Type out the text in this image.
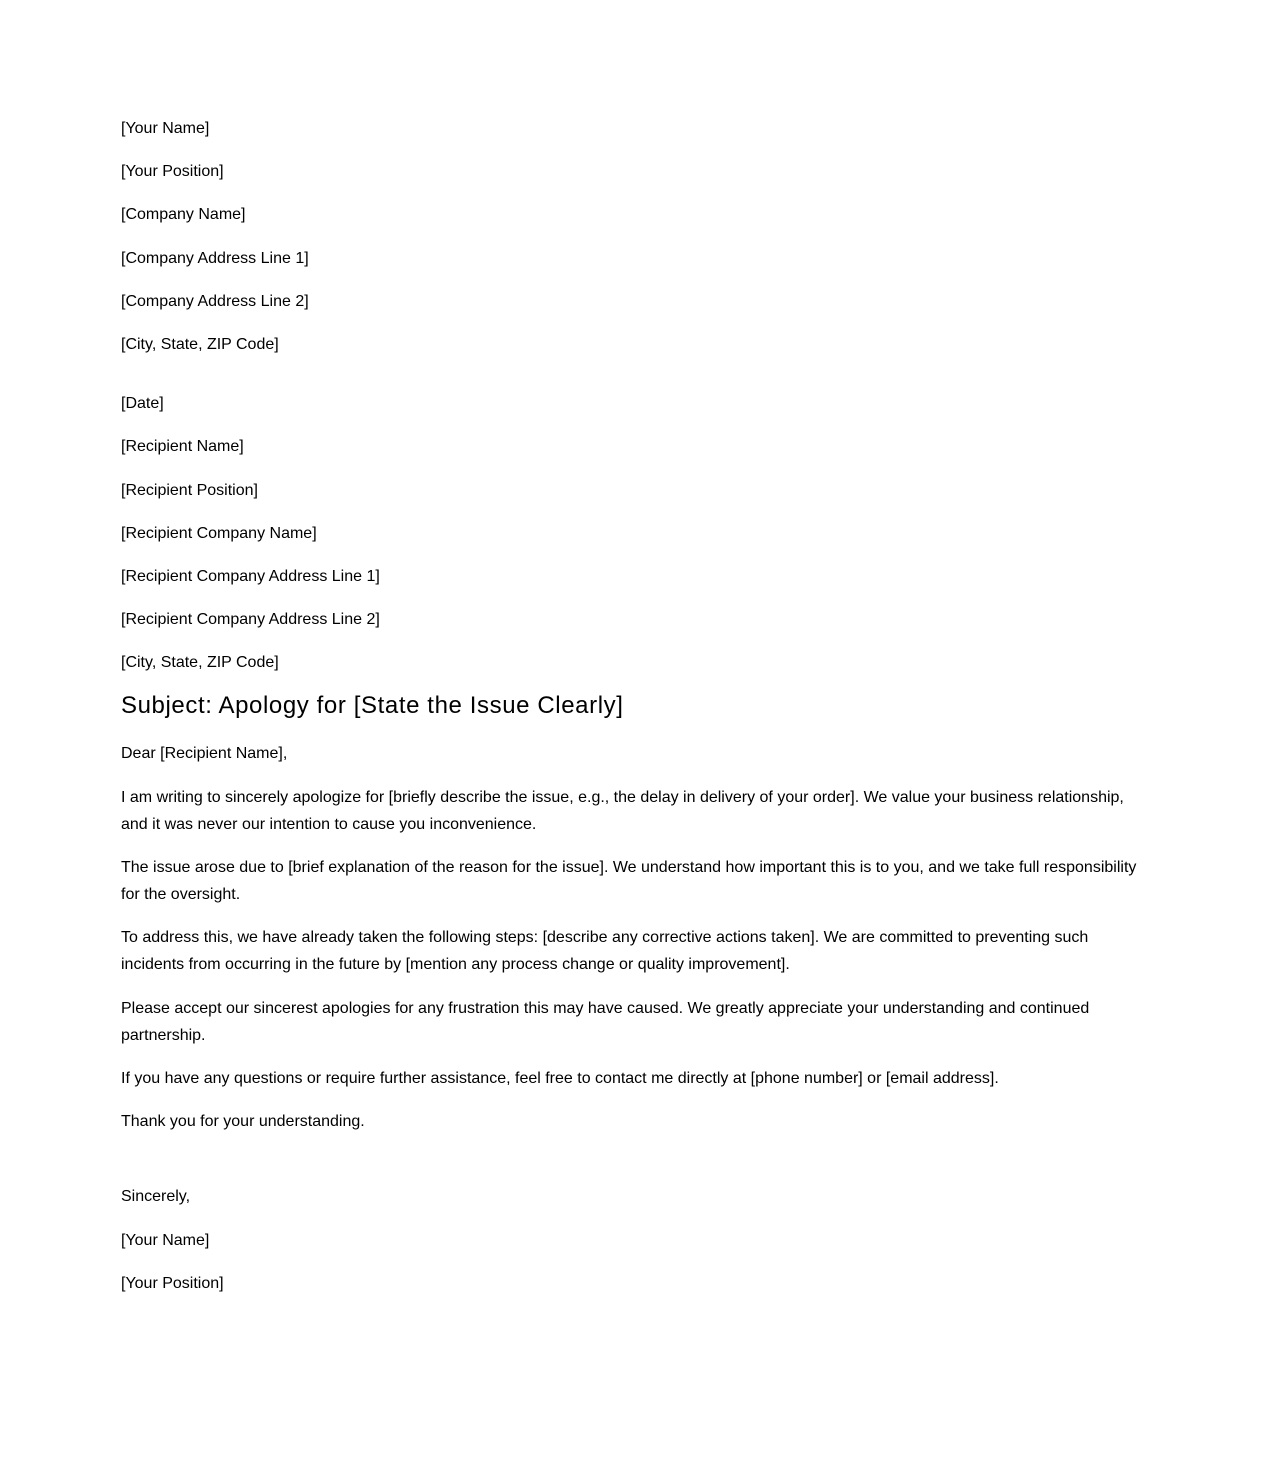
[Your Name]
[Your Position]
[Company Name]
[Company Address Line 1]
[Company Address Line 2]
[City, State, ZIP Code]
[Date]
[Recipient Name]
[Recipient Position]
[Recipient Company Name]
[Recipient Company Address Line 1]
[Recipient Company Address Line 2]
[City, State, ZIP Code]
Subject: Apology for [State the Issue Clearly]
Dear [Recipient Name],
I am writing to sincerely apologize for [briefly describe the issue, e.g., the delay in delivery of your order]. We value your business relationship, and it was never our intention to cause you inconvenience.
The issue arose due to [brief explanation of the reason for the issue]. We understand how important this is to you, and we take full responsibility for the oversight.
To address this, we have already taken the following steps: [describe any corrective actions taken]. We are committed to preventing such incidents from occurring in the future by [mention any process change or quality improvement].
Please accept our sincerest apologies for any frustration this may have caused. We greatly appreciate your understanding and continued partnership.
If you have any questions or require further assistance, feel free to contact me directly at [phone number] or [email address].
Thank you for your understanding.
Sincerely,
[Your Name]
[Your Position]
